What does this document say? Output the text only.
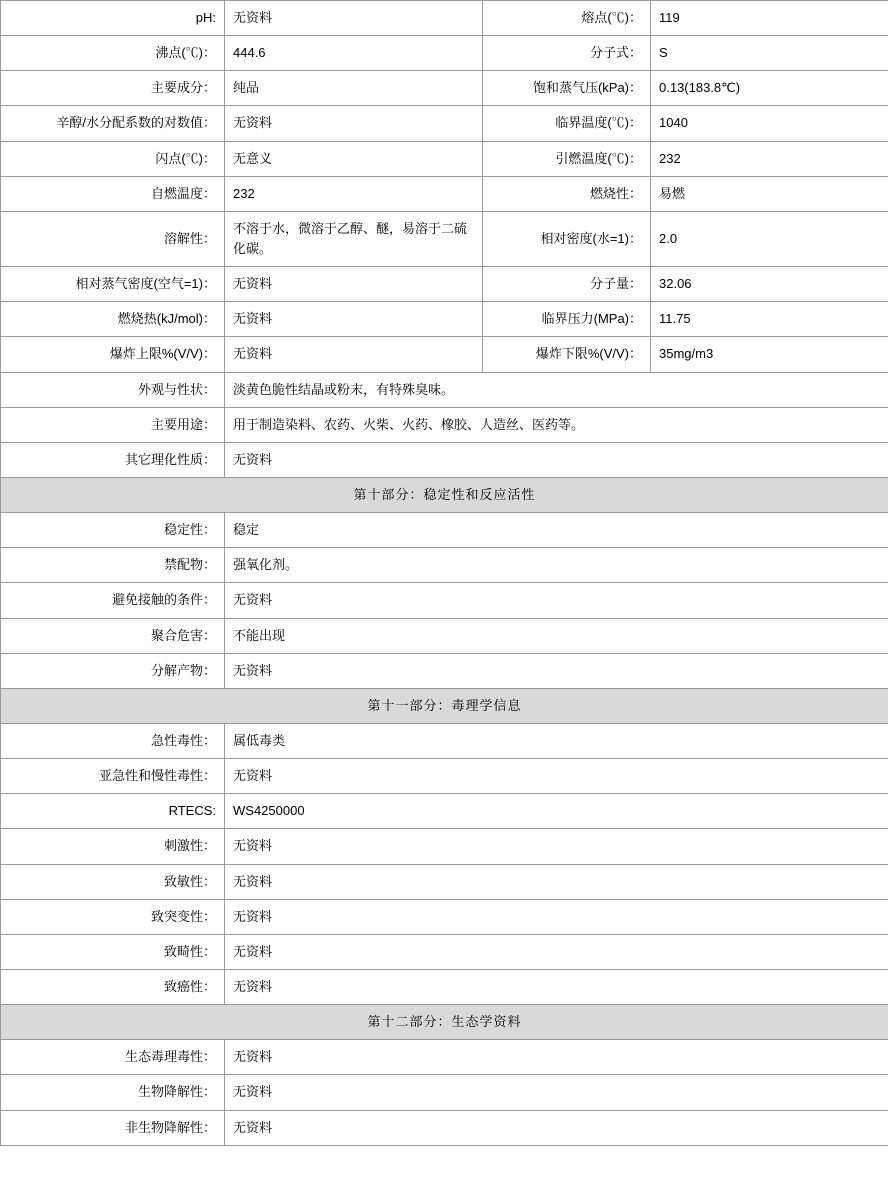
pH:	无资料	熔点(℃)：	119
沸点(℃)：	444.6	分子式：	S
主要成分：	纯品	饱和蒸气压(kPa)：	0.13(183.8℃)
辛醇/水分配系数的对数值：	无资料	临界温度(℃)：	1040
闪点(℃)：	无意义	引燃温度(℃)：	232
自燃温度：	232	燃烧性：	易燃
溶解性：	不溶于水，微溶于乙醇、醚，易溶于二硫化碳。	相对密度(水=1)：	2.0
相对蒸气密度(空气=1)：	无资料	分子量：	32.06
燃烧热(kJ/mol)：	无资料	临界压力(MPa)：	11.75
爆炸上限%(V/V)：	无资料	爆炸下限%(V/V)：	35mg/m3
外观与性状：	淡黄色脆性结晶或粉末，有特殊臭味。		
主要用途：	用于制造染料、农药、火柴、火药、橡胶、人造丝、医药等。		
其它理化性质：	无资料		
第十部分：稳定性和反应活性			
稳定性：	稳定		
禁配物：	强氧化剂。		
避免接触的条件：	无资料		
聚合危害：	不能出现		
分解产物：	无资料		
第十一部分：毒理学信息			
急性毒性：	属低毒类		
亚急性和慢性毒性：	无资料		
RTECS:	WS4250000		
刺激性：	无资料		
致敏性：	无资料		
致突变性：	无资料		
致畸性：	无资料		
致癌性：	无资料		
第十二部分：生态学资料			
生态毒理毒性：	无资料		
生物降解性：	无资料		
非生物降解性：	无资料		
